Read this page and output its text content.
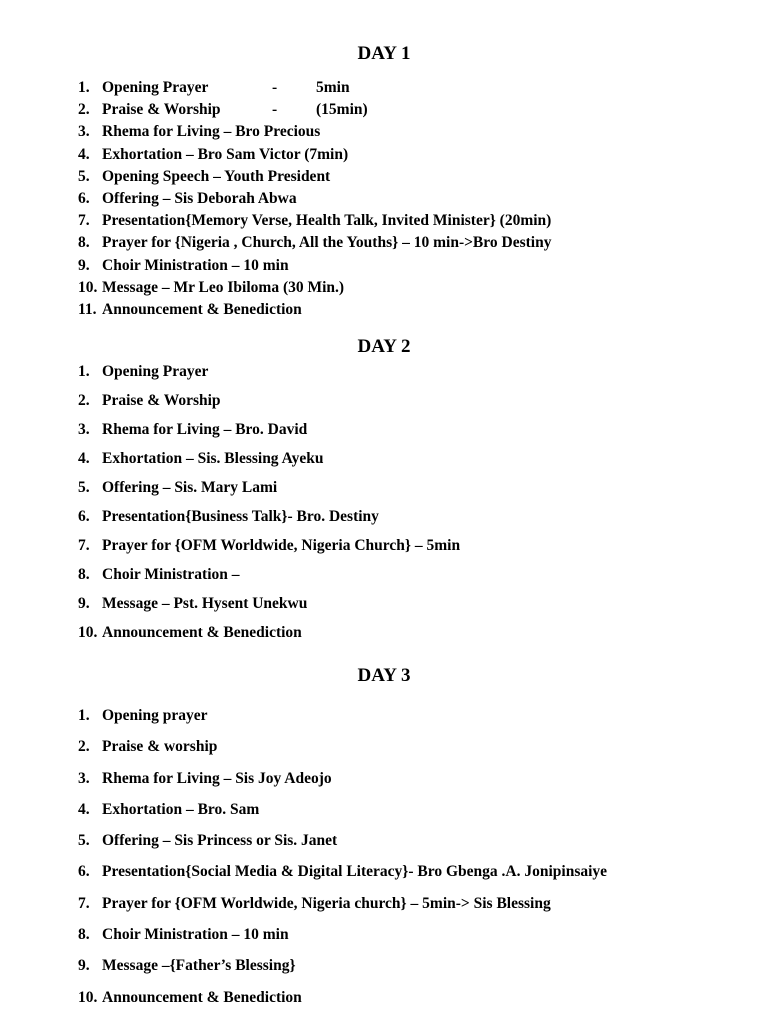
DAY 1
1. Opening Prayer	-	5min
2. Praise & Worship	-	(15min)
3. Rhema for Living – Bro Precious
4. Exhortation – Bro Sam Victor (7min)
5. Opening Speech – Youth President
6. Offering – Sis Deborah Abwa
7. Presentation{Memory Verse, Health Talk, Invited Minister} (20min)
8. Prayer for {Nigeria , Church, All the Youths} – 10 min->Bro Destiny
9. Choir Ministration – 10 min
10. Message – Mr Leo Ibiloma (30 Min.)
11. Announcement & Benediction
DAY 2
1. Opening Prayer
2. Praise & Worship
3. Rhema for Living – Bro. David
4. Exhortation – Sis. Blessing Ayeku
5. Offering – Sis. Mary Lami
6. Presentation{Business Talk}- Bro. Destiny
7. Prayer for {OFM Worldwide, Nigeria Church} – 5min
8. Choir Ministration –
9. Message – Pst. Hysent Unekwu
10. Announcement & Benediction
DAY 3
1. Opening prayer
2. Praise & worship
3. Rhema for Living – Sis Joy Adeojo
4. Exhortation – Bro. Sam
5. Offering – Sis Princess or Sis. Janet
6. Presentation{Social Media & Digital Literacy}- Bro Gbenga .A. Jonipinsaiye
7. Prayer for {OFM Worldwide, Nigeria church} – 5min-> Sis Blessing
8. Choir Ministration – 10 min
9. Message –{Father’s Blessing}
10. Announcement & Benediction
